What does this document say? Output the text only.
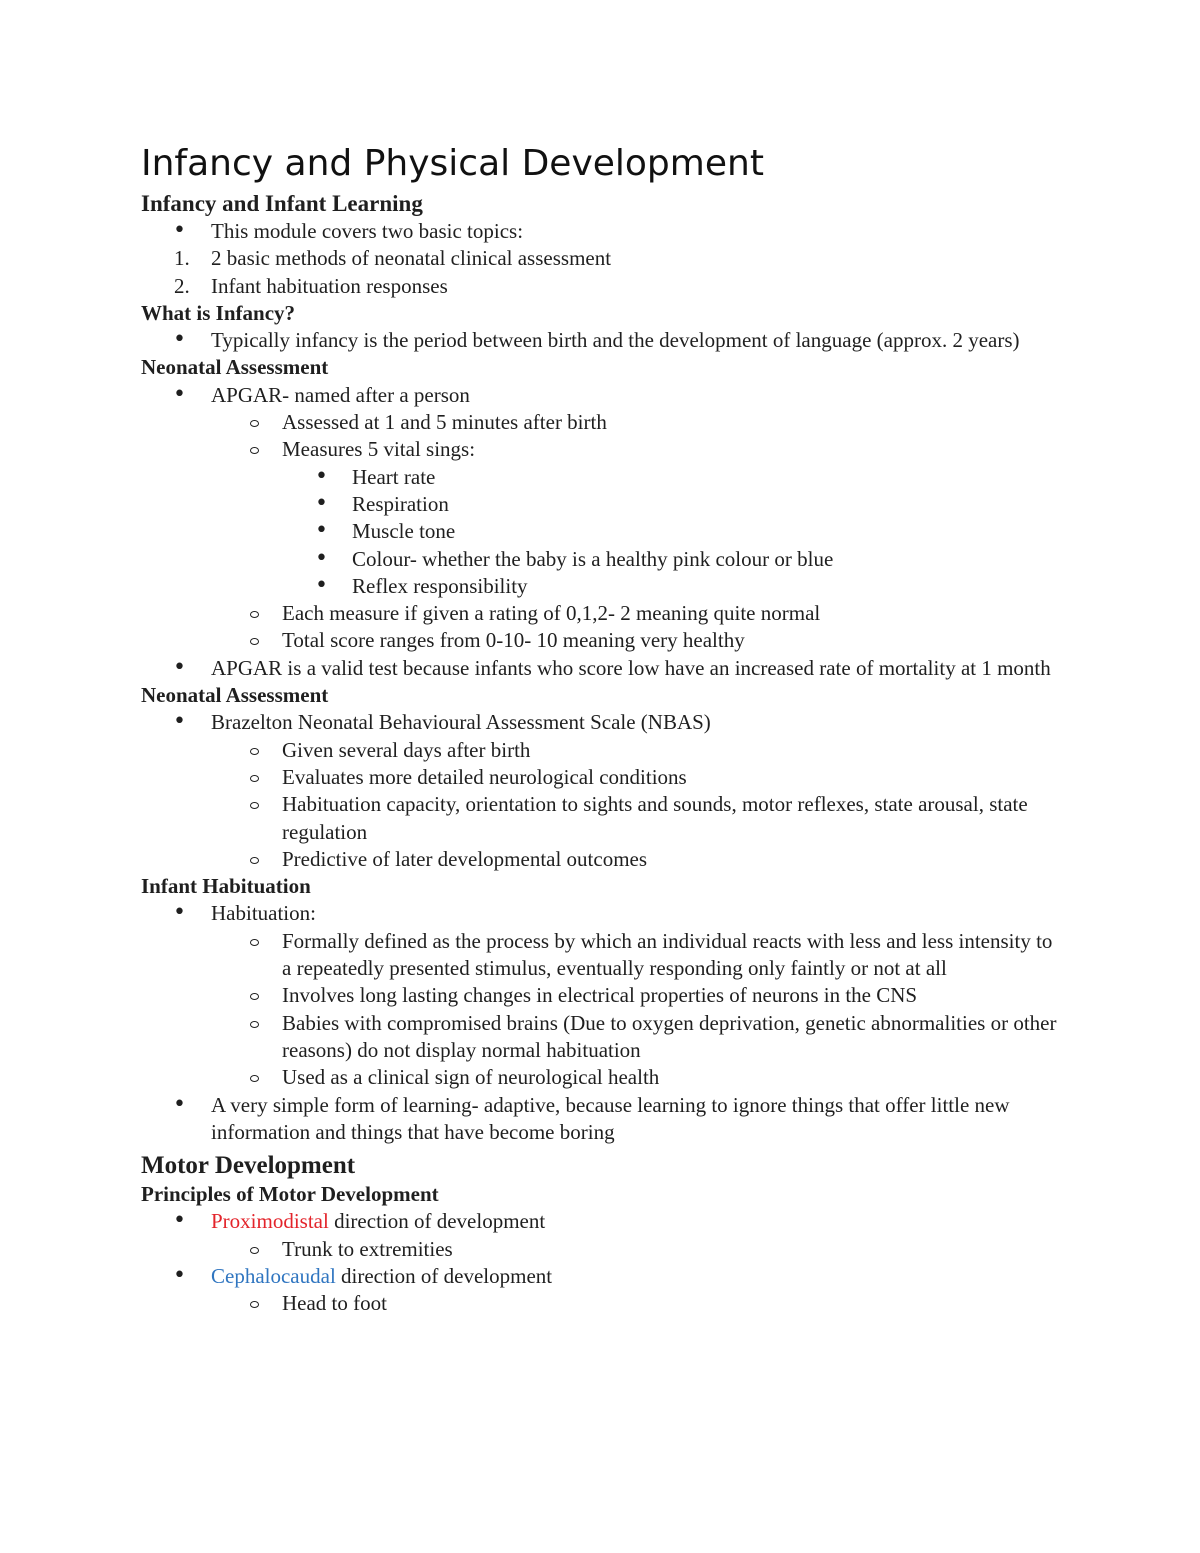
Infancy and Physical Development
Infancy and Infant Learning
• This module covers two basic topics:
1. 2 basic methods of neonatal clinical assessment
2. Infant habituation responses
What is Infancy?
• Typically infancy is the period between birth and the development of language (approx. 2 years)
Neonatal Assessment
• APGAR- named after a person
Assessed at 1 and 5 minutes after birth
Measures 5 vital sings:
• Heart rate
• Respiration
• Muscle tone
• Colour- whether the baby is a healthy pink colour or blue
• Reflex responsibility
Each measure if given a rating of 0,1,2- 2 meaning quite normal
Total score ranges from 0-10- 10 meaning very healthy
• APGAR is a valid test because infants who score low have an increased rate of mortality at 1 month
Neonatal Assessment
• Brazelton Neonatal Behavioural Assessment Scale (NBAS)
Given several days after birth
Evaluates more detailed neurological conditions
Habituation capacity, orientation to sights and sounds, motor reflexes, state arousal, state regulation
Predictive of later developmental outcomes
Infant Habituation
• Habituation:
Formally defined as the process by which an individual reacts with less and less intensity to a repeatedly presented stimulus, eventually responding only faintly or not at all
Involves long lasting changes in electrical properties of neurons in the CNS
Babies with compromised brains (Due to oxygen deprivation, genetic abnormalities or other reasons) do not display normal habituation
Used as a clinical sign of neurological health
• A very simple form of learning- adaptive, because learning to ignore things that offer little new information and things that have become boring
Motor Development
Principles of Motor Development
• Proximodistal direction of development
Trunk to extremities
• Cephalocaudal direction of development
Head to foot
